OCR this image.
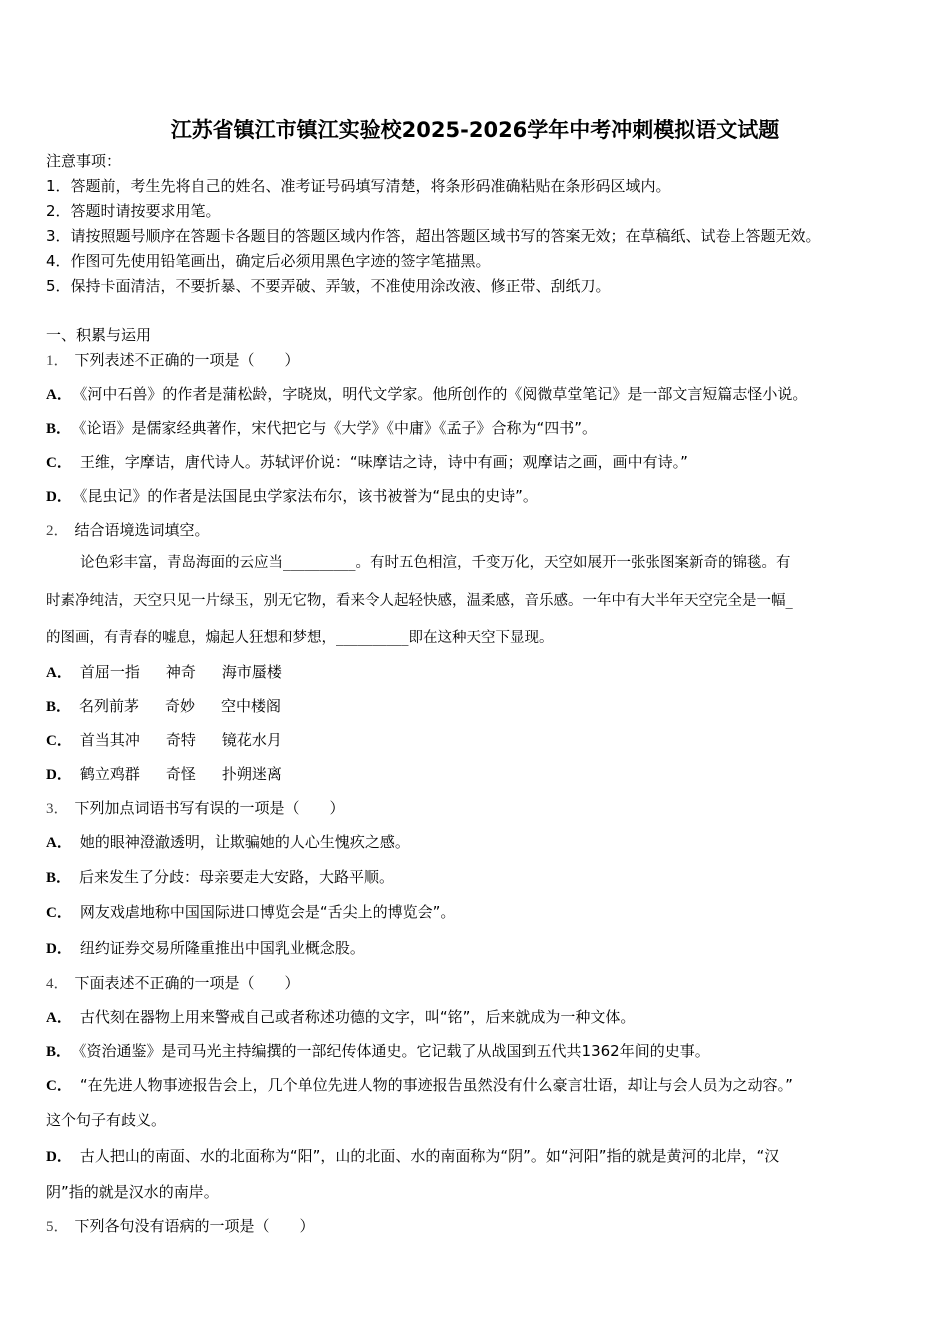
江苏省镇江市镇江实验校2025-2026学年中考冲刺模拟语文试题
注意事项：
1．答题前，考生先将自己的姓名、准考证号码填写清楚，将条形码准确粘贴在条形码区域内。
2．答题时请按要求用笔。
3．请按照题号顺序在答题卡各题目的答题区域内作答，超出答题区域书写的答案无效；在草稿纸、试卷上答题无效。
4．作图可先使用铅笔画出，确定后必须用黑色字迹的签字笔描黑。
5．保持卡面清洁，不要折暴、不要弄破、弄皱，不准使用涂改液、修正带、刮纸刀。
一、积累与运用
1． 下列表述不正确的一项是（　　）
A． 《河中石兽》的作者是蒲松龄，字晓岚，明代文学家。他所创作的《阅微草堂笔记》是一部文言短篇志怪小说。
B． 《论语》是儒家经典著作，宋代把它与《大学》《中庸》《孟子》合称为“四书”。
C． 王维，字摩诘，唐代诗人。苏轼评价说：“味摩诘之诗，诗中有画；观摩诘之画，画中有诗。”
D． 《昆虫记》的作者是法国昆虫学家法布尔，该书被誉为“昆虫的史诗”。
2． 结合语境选词填空。
论色彩丰富，青岛海面的云应当__________。有时五色相渲，千变万化，天空如展开一张张图案新奇的锦毯。有
时素净纯洁，天空只见一片绿玉，别无它物，看来令人起轻快感，温柔感，音乐感。一年中有大半年天空完全是一幅_
的图画，有青春的嘘息，煽起人狂想和梦想，__________即在这种天空下显现。
A． 首屈一指 神奇 海市蜃楼
B． 名列前茅 奇妙 空中楼阁
C． 首当其冲 奇特 镜花水月
D． 鹤立鸡群 奇怪 扑朔迷离
3． 下列加点词语书写有误的一项是（　　）
A． 她的眼神澄澈透明，让欺骗她的人心生愧疚之感。
B． 后来发生了分歧：母亲要走大安路，大路平顺。
C． 网友戏虐地称中国国际进口博览会是“舌尖上的博览会”。
D． 纽约证券交易所隆重推出中国乳业概念股。
4． 下面表述不正确的一项是（　　）
A． 古代刻在器物上用来警戒自己或者称述功德的文字，叫“铭”，后来就成为一种文体。
B． 《资治通鉴》是司马光主持编撰的一部纪传体通史。它记载了从战国到五代共1362年间的史事。
C． “在先进人物事迹报告会上，几个单位先进人物的事迹报告虽然没有什么豪言壮语，却让与会人员为之动容。”
这个句子有歧义。
D． 古人把山的南面、水的北面称为“阳”，山的北面、水的南面称为“阴”。如“河阳”指的就是黄河的北岸，“汉
阴”指的就是汉水的南岸。
5． 下列各句没有语病的一项是（　　）
